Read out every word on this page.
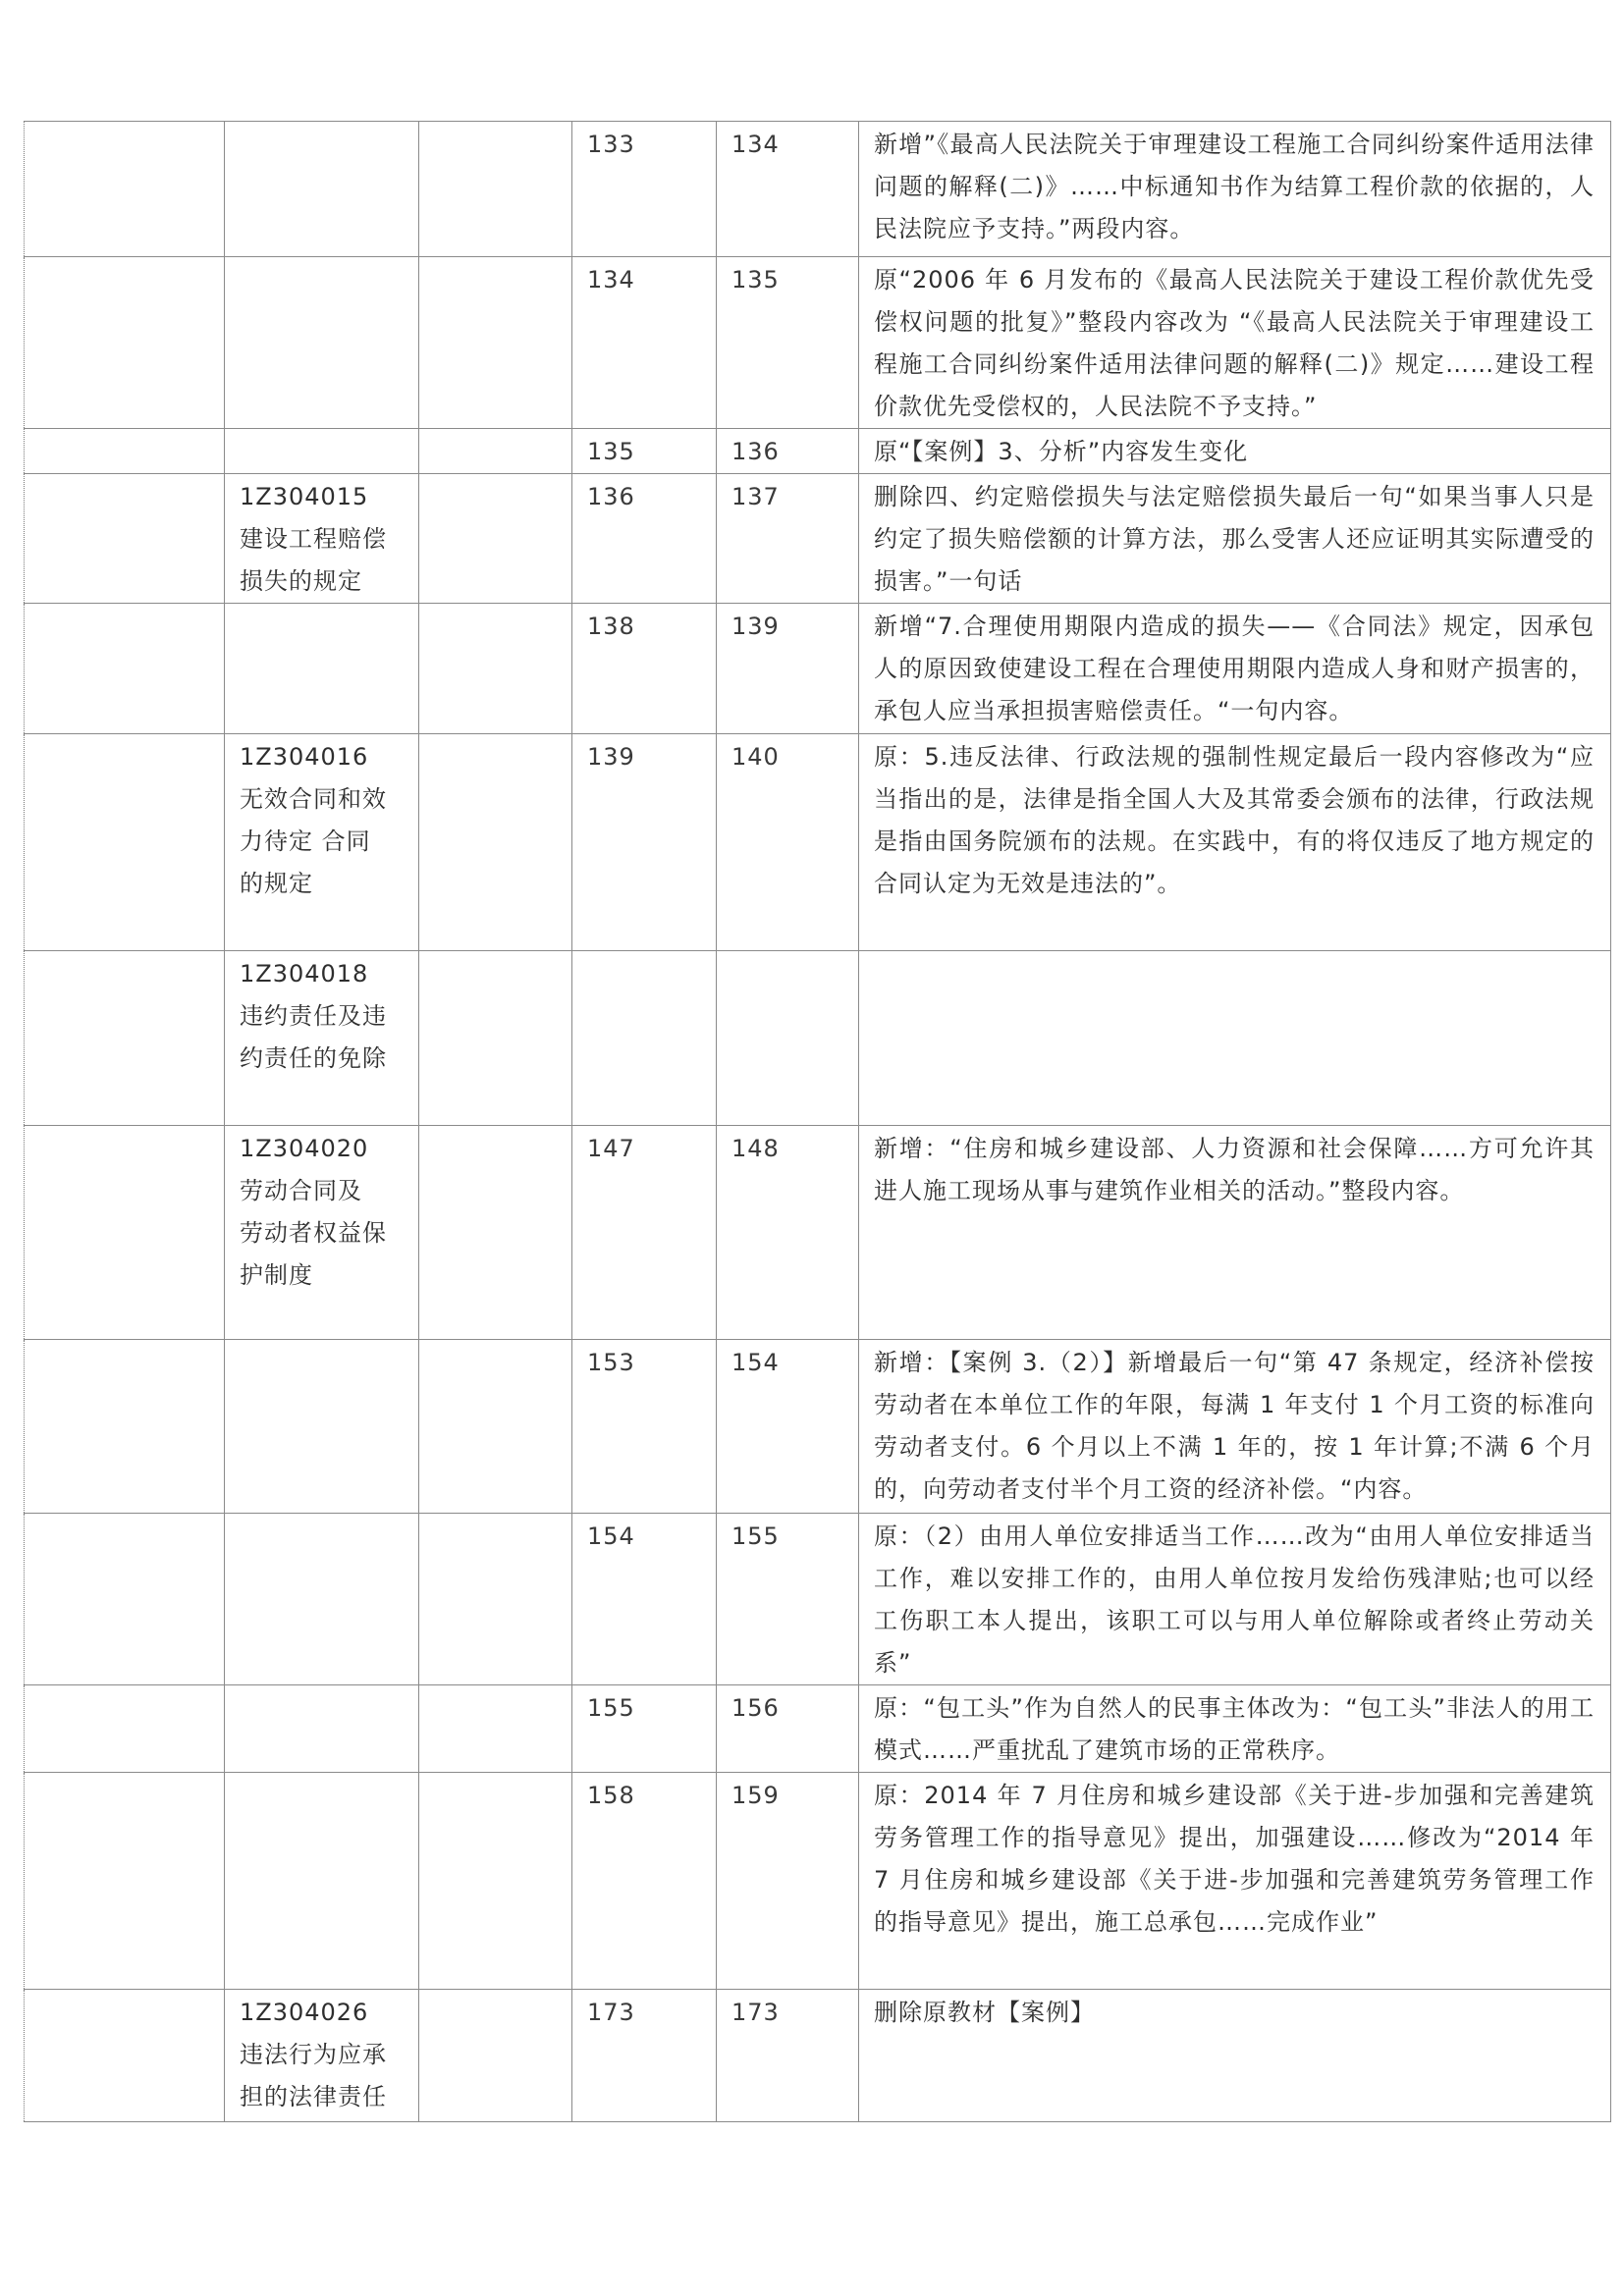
			133	134	新增”《最高人民法院关于审理建设工程施工合同纠纷案件适用法律问题的解释(二)》……中标通知书作为结算工程价款的依据的，人民法院应予支持。”两段内容。
			134	135	原“2006 年 6 月发布的《最高人民法院关于建设工程价款优先受偿权问题的批复》”整段内容改为 “《最高人民法院关于审理建设工程施工合同纠纷案件适用法律问题的解释(二)》规定……建设工程价款优先受偿权的，人民法院不予支持。”
			135	136	原“【案例】3、分析”内容发生变化
	1Z304015 建设工程赔偿损失的规定		136	137	删除四、约定赔偿损失与法定赔偿损失最后一句“如果当事人只是约定了损失赔偿额的计算方法，那么受害人还应证明其实际遭受的损害。”一句话
			138	139	新增“7.合理使用期限内造成的损失——《合同法》规定，因承包人的原因致使建设工程在合理使用期限内造成人身和财产损害的，承包人应当承担损害赔偿责任。“一句内容。
	1Z304016 无效合同和效力待定 合同的规定		139	140	原：5.违反法律、行政法规的强制性规定最后一段内容修改为“应当指出的是，法律是指全国人大及其常委会颁布的法律，行政法规是指由国务院颁布的法规。在实践中，有的将仅违反了地方规定的合同认定为无效是违法的”。
	1Z304018 违约责任及违约责任的免除				
	1Z304020 劳动合同及 劳动者权益保护制度		147	148	新增：“住房和城乡建设部、人力资源和社会保障……方可允许其进人施工现场从事与建筑作业相关的活动。”整段内容。
			153	154	新增：【案例 3.（2）】新增最后一句“第 47 条规定，经济补偿按劳动者在本单位工作的年限，每满 1 年支付 1 个月工资的标准向劳动者支付。6 个月以上不满 1 年的，按 1 年计算;不满 6 个月的，向劳动者支付半个月工资的经济补偿。“内容。
			154	155	原：（2）由用人单位安排适当工作……改为“由用人单位安排适当工作，难以安排工作的，由用人单位按月发给伤残津贴;也可以经工伤职工本人提出，该职工可以与用人单位解除或者终止劳动关系”
			155	156	原：“包工头”作为自然人的民事主体改为：“包工头”非法人的用工模式……严重扰乱了建筑市场的正常秩序。
			158	159	原：2014 年 7 月住房和城乡建设部《关于进-步加强和完善建筑劳务管理工作的指导意见》提出，加强建设……修改为“2014 年 7 月住房和城乡建设部《关于进-步加强和完善建筑劳务管理工作的指导意见》提出，施工总承包……完成作业”
	1Z304026 违法行为应承担的法律责任		173	173	删除原教材【案例】
